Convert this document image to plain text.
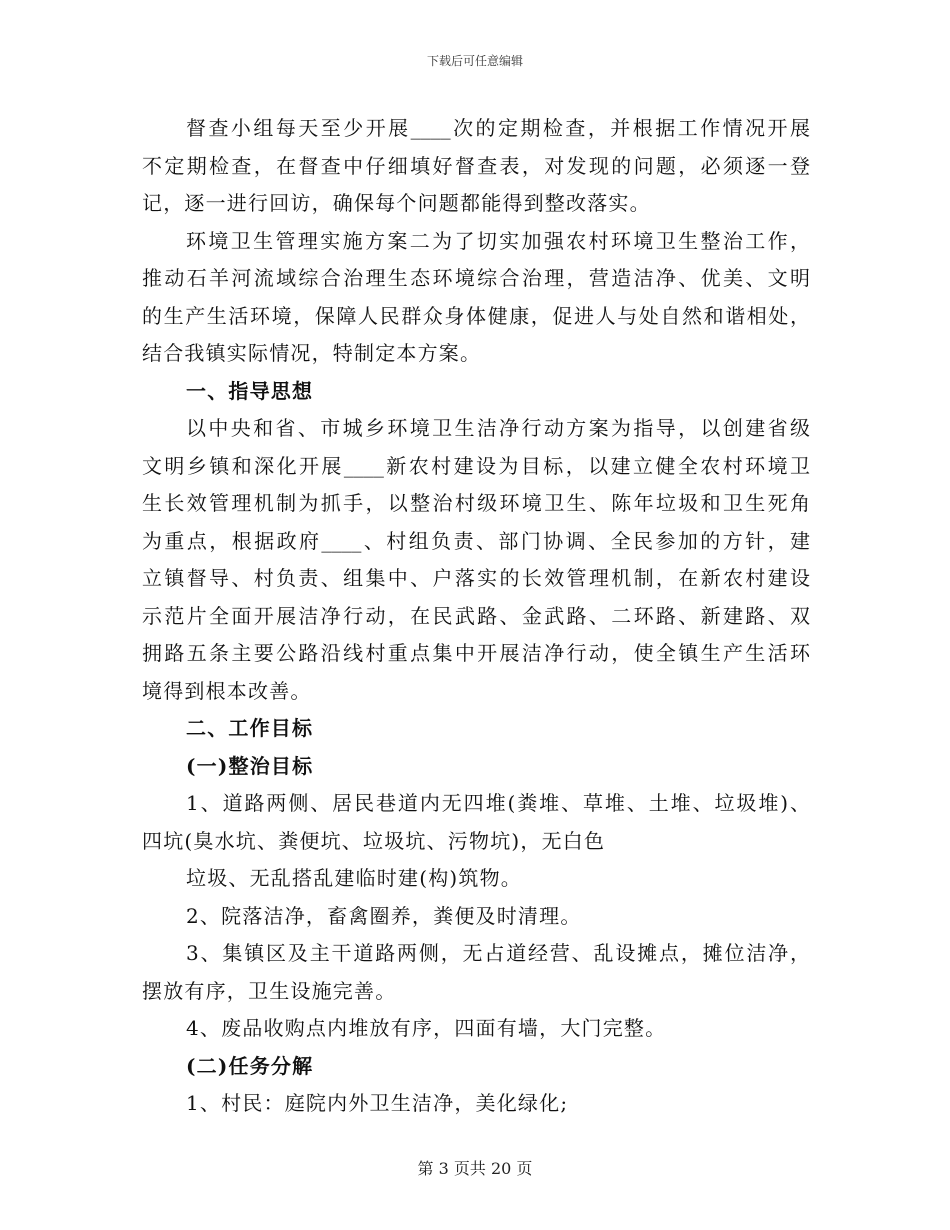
下载后可任意编辑
督查小组每天至少开展____次的定期检查，并根据工作情况开展
不定期检查，在督查中仔细填好督查表，对发现的问题，必须逐一登
记，逐一进行回访，确保每个问题都能得到整改落实。
环境卫生管理实施方案二为了切实加强农村环境卫生整治工作，
推动石羊河流域综合治理生态环境综合治理，营造洁净、优美、文明
的生产生活环境，保障人民群众身体健康，促进人与处自然和谐相处，
结合我镇实际情况，特制定本方案。
一、指导思想
以中央和省、市城乡环境卫生洁净行动方案为指导，以创建省级
文明乡镇和深化开展____新农村建设为目标，以建立健全农村环境卫
生长效管理机制为抓手，以整治村级环境卫生、陈年垃圾和卫生死角
为重点，根据政府____、村组负责、部门协调、全民参加的方针，建
立镇督导、村负责、组集中、户落实的长效管理机制，在新农村建设
示范片全面开展洁净行动，在民武路、金武路、二环路、新建路、双
拥路五条主要公路沿线村重点集中开展洁净行动，使全镇生产生活环
境得到根本改善。
二、工作目标
(一)整治目标
1、道路两侧、居民巷道内无四堆(粪堆、草堆、土堆、垃圾堆)、
四坑(臭水坑、粪便坑、垃圾坑、污物坑)，无白色
垃圾、无乱搭乱建临时建(构)筑物。
2、院落洁净，畜禽圈养，粪便及时清理。
3、集镇区及主干道路两侧，无占道经营、乱设摊点，摊位洁净，
摆放有序，卫生设施完善。
4、废品收购点内堆放有序，四面有墙，大门完整。
(二)任务分解
1、村民：庭院内外卫生洁净，美化绿化;
第 3 页共 20 页
